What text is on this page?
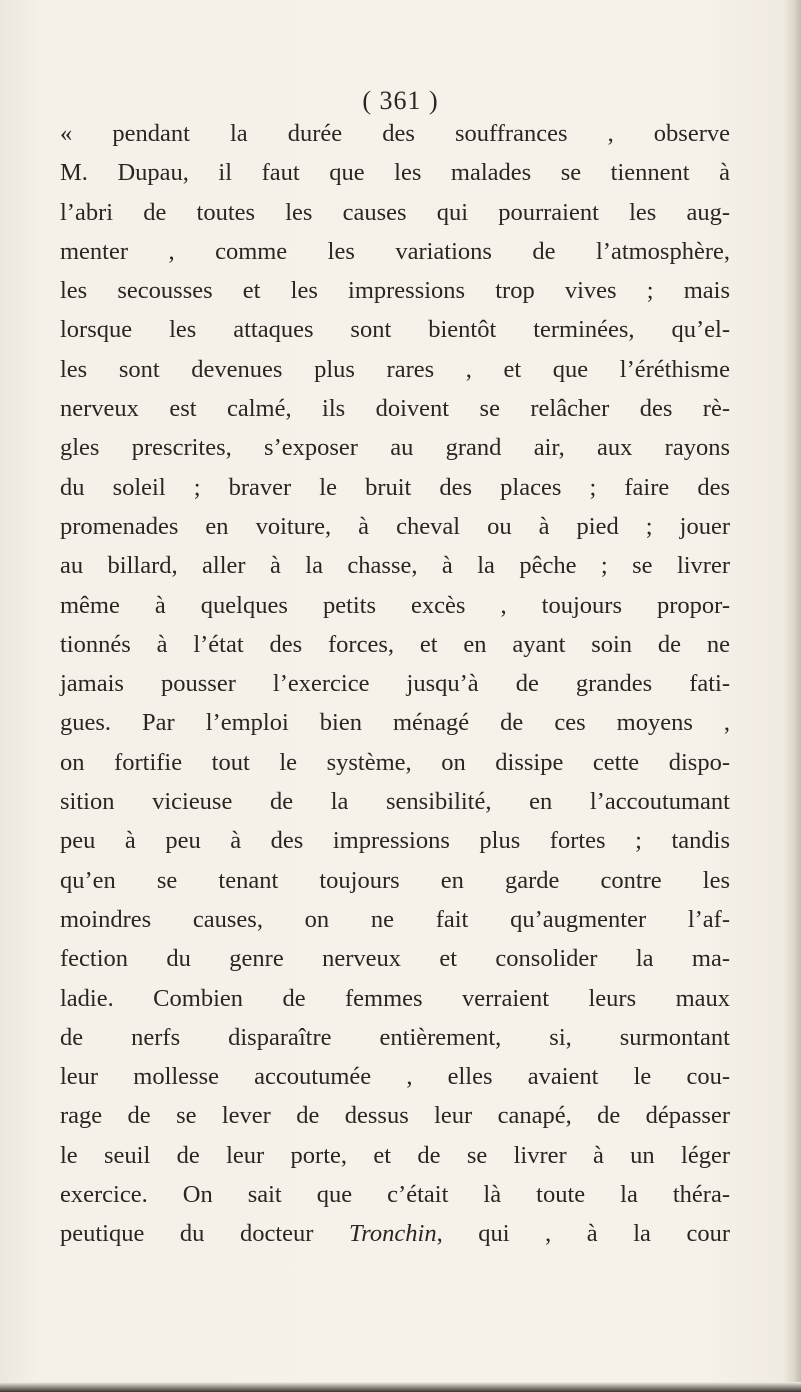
( 361 )
« pendant la durée des souffrances , observe
M. Dupau, il faut que les malades se tiennent à
l’abri de toutes les causes qui pourraient les aug-
menter , comme les variations de l’atmosphère,
les secousses et les impressions trop vives ; mais
lorsque les attaques sont bientôt terminées, qu’el-
les sont devenues plus rares , et que l’éréthisme
nerveux est calmé, ils doivent se relâcher des rè-
gles prescrites, s’exposer au grand air, aux rayons
du soleil ; braver le bruit des places ; faire des
promenades en voiture, à cheval ou à pied ; jouer
au billard, aller à la chasse, à la pêche ; se livrer
même à quelques petits excès , toujours propor-
tionnés à l’état des forces, et en ayant soin de ne
jamais pousser l’exercice jusqu’à de grandes fati-
gues. Par l’emploi bien ménagé de ces moyens ,
on fortifie tout le système, on dissipe cette dispo-
sition vicieuse de la sensibilité, en l’accoutumant
peu à peu à des impressions plus fortes ; tandis
qu’en se tenant toujours en garde contre les
moindres causes, on ne fait qu’augmenter l’af-
fection du genre nerveux et consolider la ma-
ladie. Combien de femmes verraient leurs maux
de nerfs disparaître entièrement, si, surmontant
leur mollesse accoutumée , elles avaient le cou-
rage de se lever de dessus leur canapé, de dépasser
le seuil de leur porte, et de se livrer à un léger
exercice. On sait que c’était là toute la théra-
peutique du docteur Tronchin, qui , à la cour
